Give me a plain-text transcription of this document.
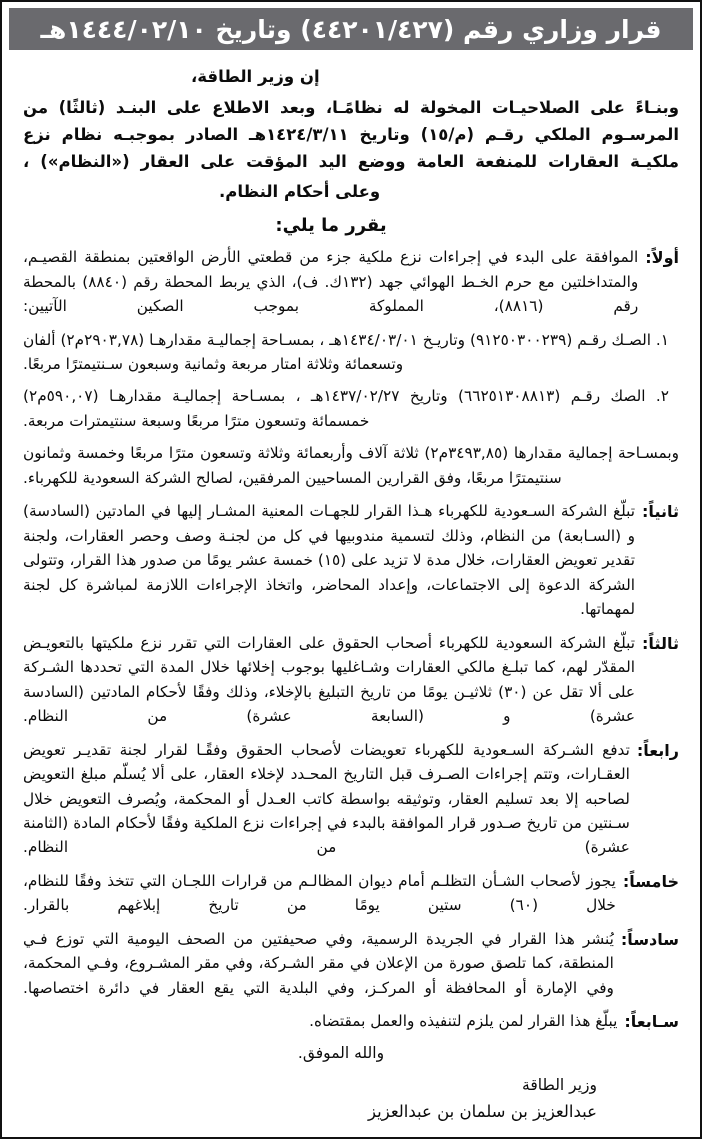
قرار وزاري رقم (٤٤٢٠١/٤٢٧) وتاريخ ١٤٤٤/٠٢/١٠هـ
إن وزير الطاقة،
وبنـاءً على الصلاحيـات المخولة له نظامًـا، وبعد الاطلاع على البنـد (ثالثًا) من المرسـوم الملكي رقـم (م/١٥) وتاريخ ١٤٢٤/٣/١١هـ الصادر بموجبـه نظام نزع ملكيـة العقارات للمنفعة العامة ووضع اليد المؤقت على العقار («النظام») ،
وعلى أحكام النظام.
يقرر ما يلي:
أولاً:
الموافقة على البدء في إجراءات نزع ملكية جزء من قطعتي الأرض الواقعتين بمنطقة القصيـم، والمتداخلتين مع حرم الخـط الهوائي جهد (١٣٢ك. ف)، الذي يربط المحطة رقم (٨٨٤٠) بالمحطة رقم (٨٨١٦)، المملوكة بموجب الصكين الآتيين:
١. الصـك رقـم (٩١٢٥٠٣٠٠٢٣٩) وتاريـخ ١٤٣٤/٠٣/٠١هـ ، بمسـاحة إجماليـة مقدارهـا (٢٩٠٣,٧٨م٢) ألفان وتسعمائة وثلاثة امتار مربعة وثمانية وسبعون سـنتيمترًا مربعًا.
٢. الصك رقـم (٦٦٢٥١٣٠٨٨١٣) وتاريخ ١٤٣٧/٠٢/٢٧هـ ، بمسـاحة إجماليـة مقدارهـا (٥٩٠,٠٧م٢) خمسمائة وتسعون مترًا مربعًا وسبعة سنتيمترات مربعة.
وبمسـاحة إجمالية مقدارها (٣٤٩٣,٨٥م٢) ثلاثة آلاف وأربعمائة وثلاثة وتسعون مترًا مربعًا وخمسة وثمانون سنتيمترًا مربعًا، وفق القرارين المساحيين المرفقين، لصالح الشركة السعودية للكهرباء.
ثانياً:
تبلّغ الشركة السـعودية للكهرباء هـذا القرار للجهـات المعنية المشـار إليها في المادتين (السادسة) و (السـابعة) من النظام، وذلك لتسمية مندوبيها في كل من لجنـة وصف وحصر العقارات، ولجنة تقدير تعويض العقارات، خلال مدة لا تزيد على (١٥) خمسة عشر يومًا من صدور هذا القرار، وتتولى الشركة الدعوة إلى الاجتماعات، وإعداد المحاضر، واتخاذ الإجراءات اللازمة لمباشرة كل لجنة لمهماتها.
ثالثاً:
تبلّغ الشركة السعودية للكهرباء أصحاب الحقوق على العقارات التي تقرر نزع ملكيتها بالتعويـض المقدّر لهم، كما تبلـغ مالكي العقارات وشـاغليها بوجوب إخلائها خلال المدة التي تحددها الشـركة على ألا تقل عن (٣٠) ثلاثيـن يومًا من تاريخ التبليغ بالإخلاء، وذلك وفقًا لأحكام المادتين (السادسة عشرة) و (السابعة عشرة) من النظام.
رابعاً:
تدفع الشـركة السـعودية للكهرباء تعويضات لأصحاب الحقوق وفقًـا لقرار لجنة تقديـر تعويض العقـارات، وتتم إجراءات الصـرف قبل التاريخ المحـدد لإخلاء العقار، على ألا يُسلّم مبلغ التعويض لصاحبه إلا بعد تسليم العقار، وتوثيقه بواسطة كاتب العـدل أو المحكمة، ويُصرف التعويض خلال سـنتين من تاريخ صـدور قرار الموافقة بالبدء في إجراءات نزع الملكية وفقًا لأحكام المادة (الثامنة عشرة) من النظام.
خامساً:
يجوز لأصحاب الشـأن التظلـم أمام ديوان المظالـم من قرارات اللجـان التي تتخذ وفقًا للنظام، خلال (٦٠) ستين يومًا من تاريخ إبلاغهم بالقرار.
سادساً:
يُنشر هذا القرار في الجريدة الرسمية، وفي صحيفتين من الصحف اليومية التي توزع فـي المنطقة، كما تلصق صورة من الإعلان في مقر الشـركة، وفي مقر المشـروع، وفـي المحكمة، وفي الإمارة أو المحافظة أو المركـز، وفي البلدية التي يقع العقار في دائرة اختصاصها.
سـابعاً:
يبلّغ هذا القرار لمن يلزم لتنفيذه والعمل بمقتضاه.
والله الموفق.
وزير الطاقة
عبدالعزيز بن سلمان بن عبدالعزيز
